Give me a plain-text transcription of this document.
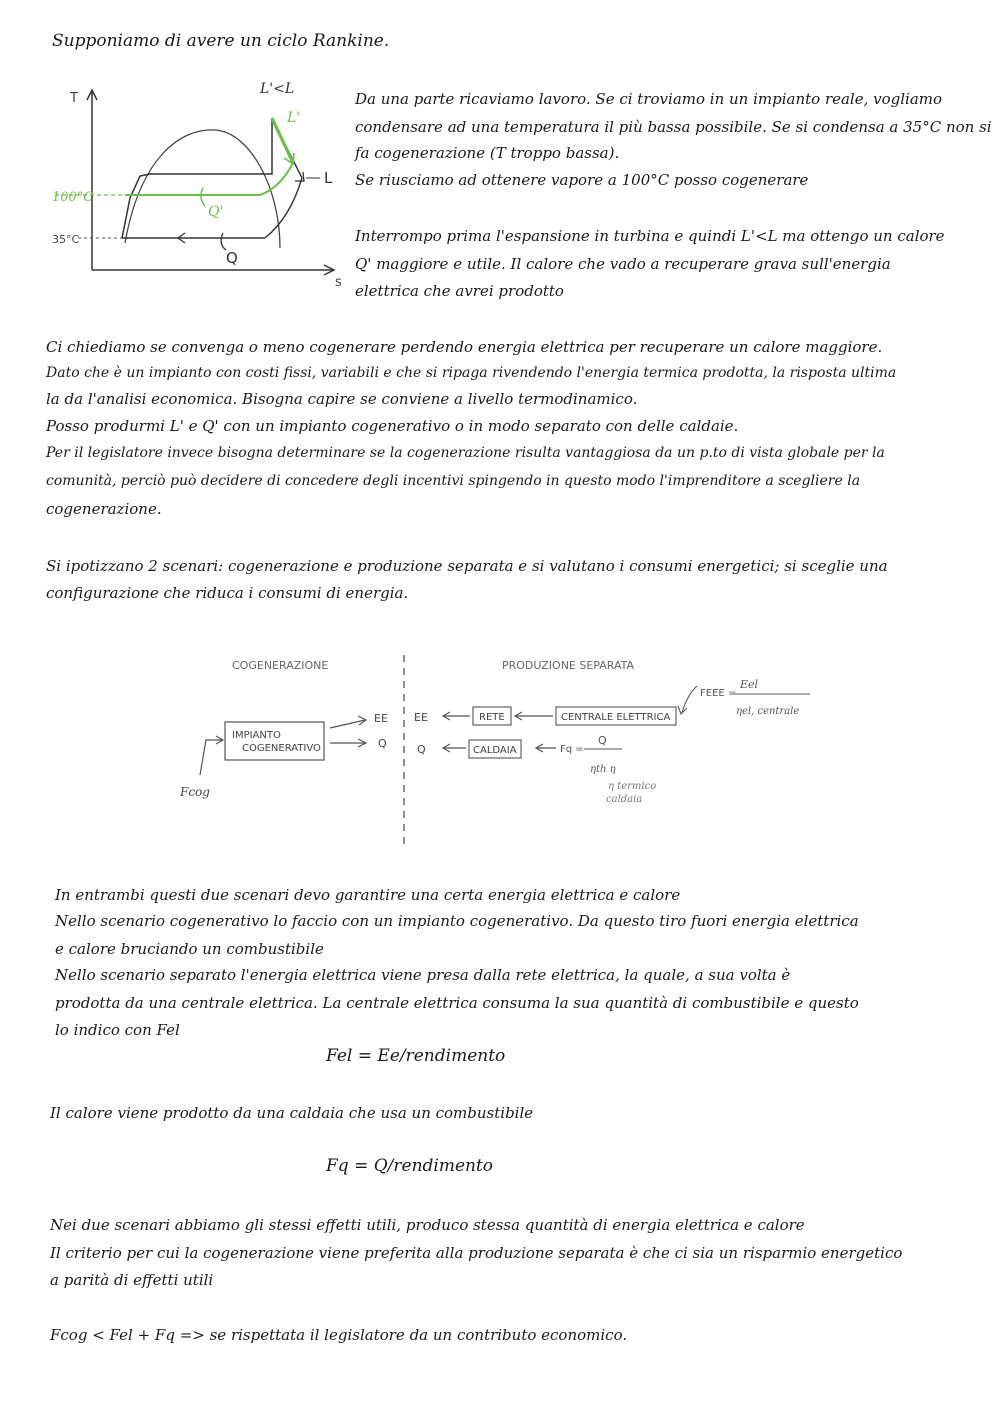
Supponiamo di avere un ciclo Rankine.
T
s
L'<L
L'
L
100°C
35°C
Q'
Q
Da una parte ricaviamo lavoro. Se ci troviamo in un impianto reale, vogliamo
condensare ad una temperatura il più bassa possibile. Se si condensa a 35°C non si
fa cogenerazione (T troppo bassa).
Se riusciamo ad ottenere vapore a 100°C posso cogenerare
Interrompo prima l'espansione in turbina e quindi L'<L ma ottengo un calore
Q' maggiore e utile. Il calore che vado a recuperare grava sull'energia
elettrica che avrei prodotto
Ci chiediamo se convenga o meno cogenerare perdendo energia elettrica per recuperare un calore maggiore.
Dato che è un impianto con costi fissi, variabili e che si ripaga rivendendo l'energia termica prodotta, la risposta ultima
la da l'analisi economica. Bisogna capire se conviene a livello termodinamico.
Posso produrmi L' e Q' con un impianto cogenerativo o in modo separato con delle caldaie.
Per il legislatore invece bisogna determinare se la cogenerazione risulta vantaggiosa da un p.to di vista globale per la
comunità, perciò può decidere di concedere degli incentivi spingendo in questo modo l'imprenditore a scegliere la
cogenerazione.
Si ipotizzano 2 scenari: cogenerazione e produzione separata e si valutano i consumi energetici; si sceglie una
configurazione che riduca i consumi di energia.
COGENERAZIONE	PRODUZIONE SEPARATA
IMPIANTO
COGENERATIVO
Fcog
EE
Q
EE	RETE	CENTRALE ELETTRICA
FEEE =
Eel
ηel, centrale
Q	CALDAIA	Fq =
Q
ηth η
η termico
caldaia
In entrambi questi due scenari devo garantire una certa energia elettrica e calore
Nello scenario cogenerativo lo faccio con un impianto cogenerativo. Da questo tiro fuori energia elettrica
e calore bruciando un combustibile
Nello scenario separato l'energia elettrica viene presa dalla rete elettrica, la quale, a sua volta è
prodotta da una centrale elettrica. La centrale elettrica consuma la sua quantità di combustibile e questo
lo indico con Fel
Fel = Ee/rendimento
Il calore viene prodotto da una caldaia che usa un combustibile
Fq = Q/rendimento
Nei due scenari abbiamo gli stessi effetti utili, produco stessa quantità di energia elettrica e calore
Il criterio per cui la cogenerazione viene preferita alla produzione separata è che ci sia un risparmio energetico
a parità di effetti utili
Fcog < Fel + Fq => se rispettata il legislatore da un contributo economico.
